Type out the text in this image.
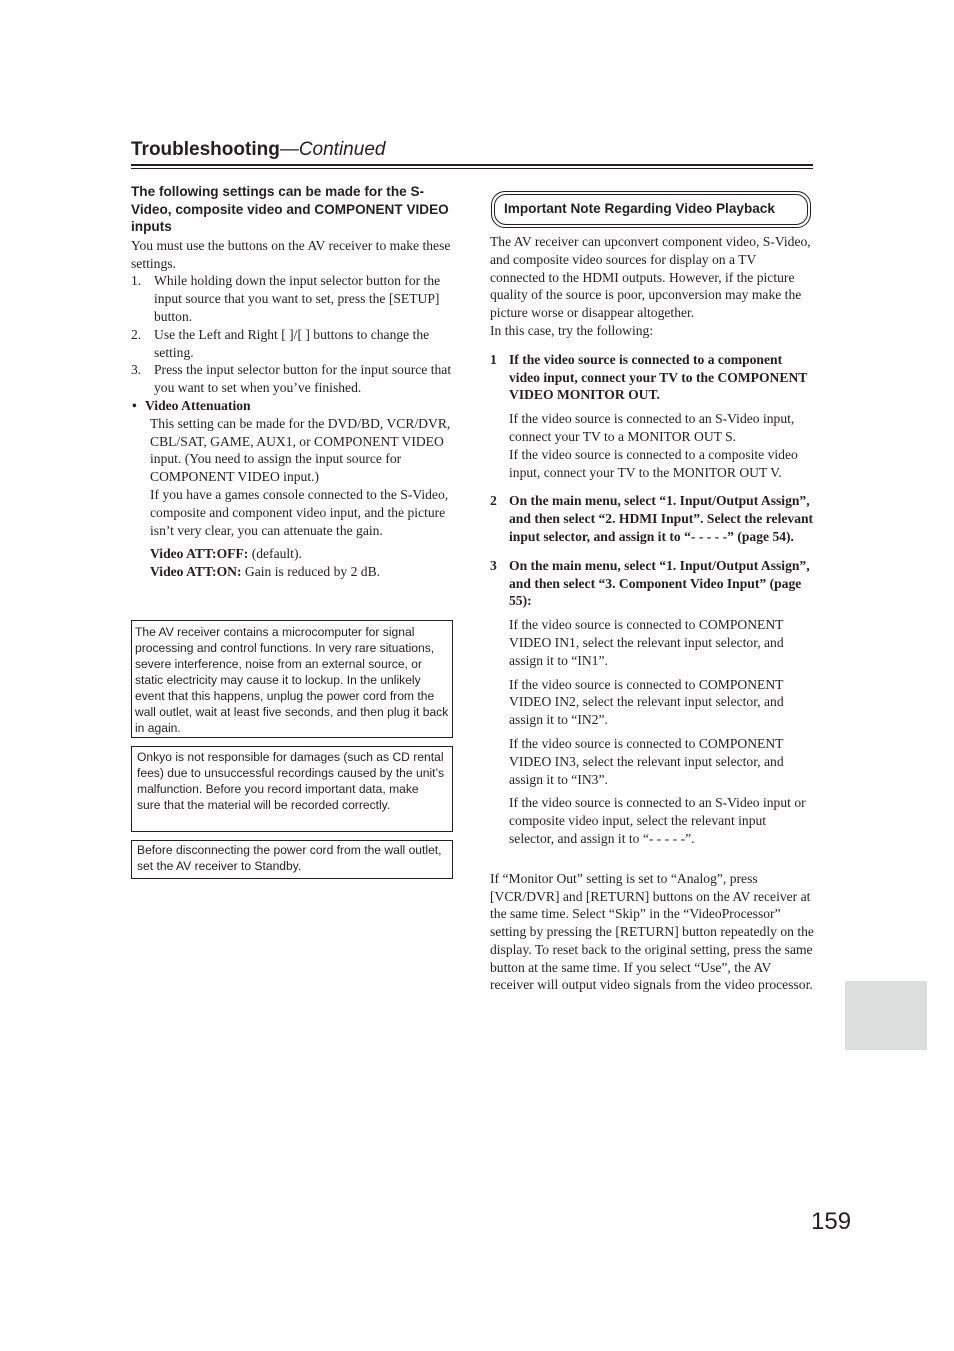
Troubleshooting—Continued
The following settings can be made for the S-Video, composite video and COMPONENT VIDEO inputs

You must use the buttons on the AV receiver to make these settings.

1. While holding down the input selector button for the input source that you want to set, press the [SETUP] button.
2. Use the Left and Right [ ]/[ ] buttons to change the setting.
3. Press the input selector button for the input source that you want to set when you’ve finished.
• Video Attenuation

This setting can be made for the DVD/BD, VCR/DVR, CBL/SAT, GAME, AUX1, or COMPONENT VIDEO input. (You need to assign the input source for COMPONENT VIDEO input.)

If you have a games console connected to the S-Video, composite and component video input, and the picture isn’t very clear, you can attenuate the gain.

Video ATT:OFF: (default).

Video ATT:ON: Gain is reduced by 2 dB.

The AV receiver contains a microcomputer for signal processing and control functions. In very rare situations, severe interference, noise from an external source, or static electricity may cause it to lockup. In the unlikely event that this happens, unplug the power cord from the wall outlet, wait at least five seconds, and then plug it back in again.
Onkyo is not responsible for damages (such as CD rental fees) due to unsuccessful recordings caused by the unit’s malfunction. Before you record important data, make sure that the material will be recorded correctly.
Before disconnecting the power cord from the wall outlet, set the AV receiver to Standby.
Important Note Regarding Video Playback

The AV receiver can upconvert component video, S-Video, and composite video sources for display on a TV connected to the HDMI outputs. However, if the picture quality of the source is poor, upconversion may make the picture worse or disappear altogether.

In this case, try the following:

1 If the video source is connected to a component video input, connect your TV to the COMPONENT VIDEO MONITOR OUT.

If the video source is connected to an S-Video input, connect your TV to a MONITOR OUT S.

If the video source is connected to a composite video input, connect your TV to the MONITOR OUT V.

2 On the main menu, select “1. Input/Output Assign”, and then select “2. HDMI Input”. Select the relevant input selector, and assign it to “- - - - -” (page 54).
3 On the main menu, select “1. Input/Output Assign”, and then select “3. Component Video Input” (page 55):

If the video source is connected to COMPONENT VIDEO IN1, select the relevant input selector, and assign it to “IN1”.

If the video source is connected to COMPONENT VIDEO IN2, select the relevant input selector, and assign it to “IN2”.

If the video source is connected to COMPONENT VIDEO IN3, select the relevant input selector, and assign it to “IN3”.

If the video source is connected to an S-Video input or composite video input, select the relevant input selector, and assign it to “- - - - -”.

If “Monitor Out” setting is set to “Analog”, press [VCR/DVR] and [RETURN] buttons on the AV receiver at the same time. Select “Skip” in the “VideoProcessor” setting by pressing the [RETURN] button repeatedly on the display. To reset back to the original setting, press the same button at the same time. If you select “Use”, the AV receiver will output video signals from the video processor.

159
